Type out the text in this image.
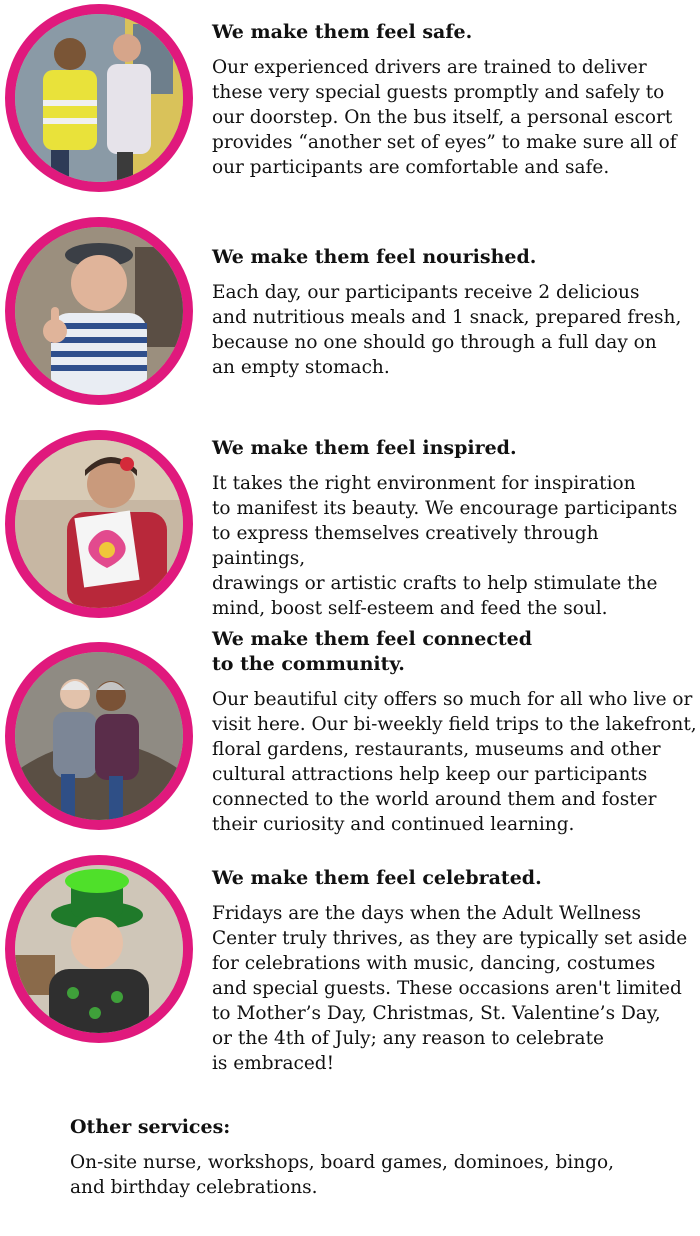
We make them feel safe.

Our experienced drivers are trained to deliver
these very special guests promptly and safely to
our doorstep. On the bus itself, a personal escort
provides “another set of eyes” to make sure all of
our participants are comfortable and safe.

We make them feel nourished.

Each day, our participants receive 2 delicious
and nutritious meals and 1 snack, prepared fresh,
because no one should go through a full day on
an empty stomach.

We make them feel inspired.

It takes the right environment for inspiration
to manifest its beauty. We encourage participants
to express themselves creatively through paintings,
drawings or artistic crafts to help stimulate the
mind, boost self-esteem and feed the soul.

We make them feel connected
to the community.

Our beautiful city offers so much for all who live or
visit here. Our bi-weekly field trips to the lakefront,
floral gardens, restaurants, museums and other
cultural attractions help keep our participants
connected to the world around them and foster
their curiosity and continued learning.

We make them feel celebrated.

Fridays are the days when the Adult Wellness
Center truly thrives, as they are typically set aside
for celebrations with music, dancing, costumes
and special guests. These occasions aren't limited
to Mother’s Day, Christmas, St. Valentine’s Day,
or the 4th of July; any reason to celebrate
is embraced!

Other services:

On-site nurse, workshops, board games, dominoes, bingo,
and birthday celebrations.
